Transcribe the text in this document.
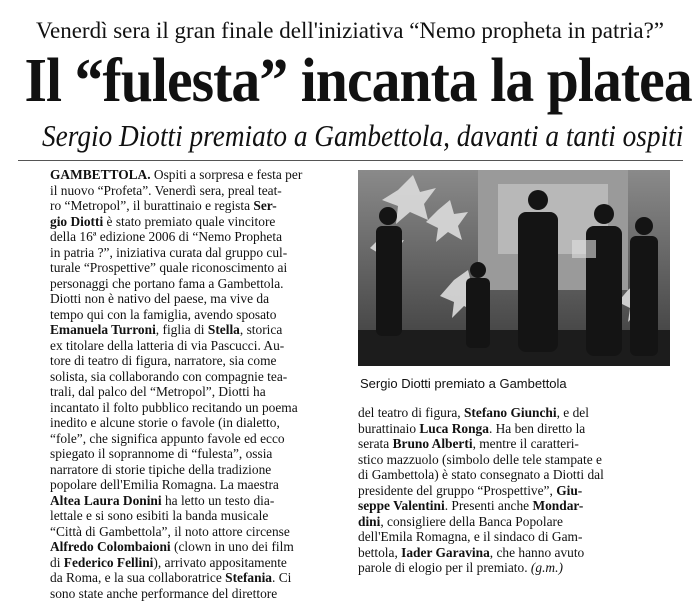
Venerdì sera il gran finale dell'iniziativa “Nemo propheta in patria?”
Il “fulesta” incanta la platea
Sergio Diotti premiato a Gambettola, davanti a tanti ospiti
GAMBETTOLA. Ospiti a sorpresa e festa per
il nuovo “Profeta”. Venerdì sera, preal teat-
ro “Metropol”, il burattinaio e regista Ser-
gio Diotti è stato premiato quale vincitore
della 16ª edizione 2006 di “Nemo Propheta
in patria ?”, iniziativa curata dal gruppo cul-
turale “Prospettive” quale riconoscimento ai
personaggi che portano fama a Gambettola.
Diotti non è nativo del paese, ma vive da
tempo qui con la famiglia, avendo sposato
Emanuela Turroni, figlia di Stella, storica
ex titolare della latteria di via Pascucci. Au-
tore di teatro di figura, narratore, sia come
solista, sia collaborando con compagnie tea-
trali, dal palco del “Metropol”, Diotti ha
incantato il folto pubblico recitando un poema
inedito e alcune storie o favole (in dialetto,
“fole”, che significa appunto favole ed ecco
spiegato il soprannome di “fulesta”, ossia
narratore di storie tipiche della tradizione
popolare dell'Emilia Romagna. La maestra
Altea Laura Donini ha letto un testo dia-
lettale e si sono esibiti la banda musicale
“Città di Gambettola”, il noto attore circense
Alfredo Colombaioni (clown in uno dei film
di Federico Fellini), arrivato appositamente
da Roma, e la sua collaboratrice Stefania. Ci
sono state anche performance del direttore
Sergio Diotti premiato a Gambettola
del teatro di figura, Stefano Giunchi, e del
burattinaio Luca Ronga. Ha ben diretto la
serata Bruno Alberti, mentre il caratteri-
stico mazzuolo (simbolo delle tele stampate e
di Gambettola) è stato consegnato a Diotti dal
presidente del gruppo “Prospettive”, Giu-
seppe Valentini. Presenti anche Mondar-
dini, consigliere della Banca Popolare
dell'Emila Romagna, e il sindaco di Gam-
bettola, Iader Garavina, che hanno avuto
parole di elogio per il premiato. (g.m.)
